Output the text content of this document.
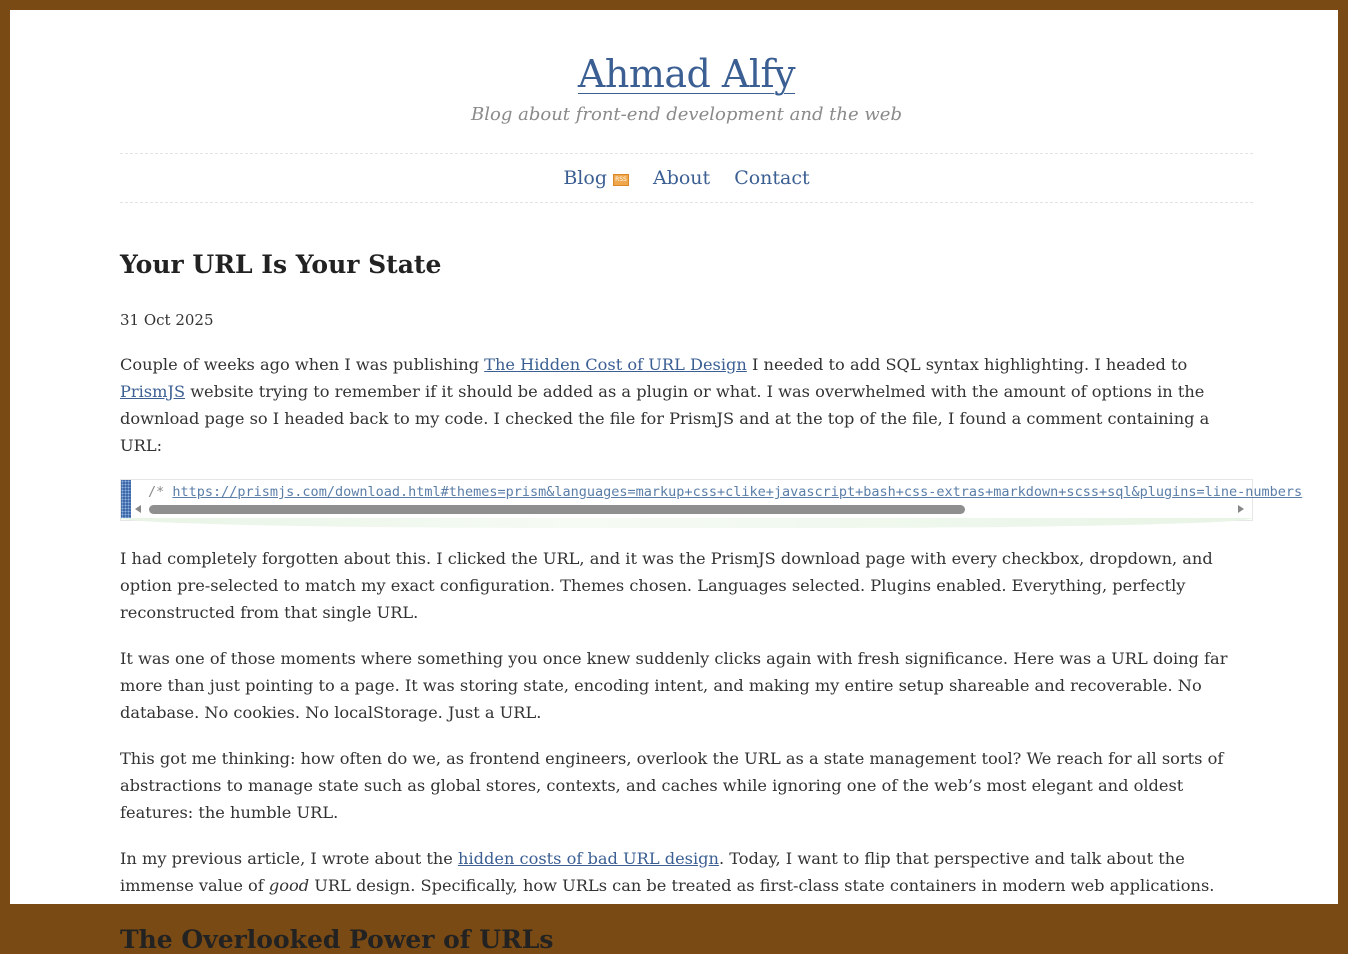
Ahmad Alfy
Blog about front-end development and the web
Blog	RSS About Contact
Your URL Is Your State
31 Oct 2025

Couple of weeks ago when I was publishing The Hidden Cost of URL Design I needed to add SQL syntax highlighting. I headed to PrismJS website trying to remember if it should be added as a plugin or what. I was overwhelmed with the amount of options in the download page so I headed back to my code. I checked the file for PrismJS and at the top of the file, I found a comment containing a URL:

/* https://prismjs.com/download.html#themes=prism&languages=markup+css+clike+javascript+bash+css-extras+markdown+scss+sql&plugins=line-numbers

I had completely forgotten about this. I clicked the URL, and it was the PrismJS download page with every checkbox, dropdown, and option pre-selected to match my exact configuration. Themes chosen. Languages selected. Plugins enabled. Everything, perfectly reconstructed from that single URL.

It was one of those moments where something you once knew suddenly clicks again with fresh significance. Here was a URL doing far more than just pointing to a page. It was storing state, encoding intent, and making my entire setup shareable and recoverable. No database. No cookies. No localStorage. Just a URL.

This got me thinking: how often do we, as frontend engineers, overlook the URL as a state management tool? We reach for all sorts of abstractions to manage state such as global stores, contexts, and caches while ignoring one of the web’s most elegant and oldest features: the humble URL.

In my previous article, I wrote about the hidden costs of bad URL design. Today, I want to flip that perspective and talk about the immense value of good URL design. Specifically, how URLs can be treated as first-class state containers in modern web applications.

The Overlooked Power of URLs
